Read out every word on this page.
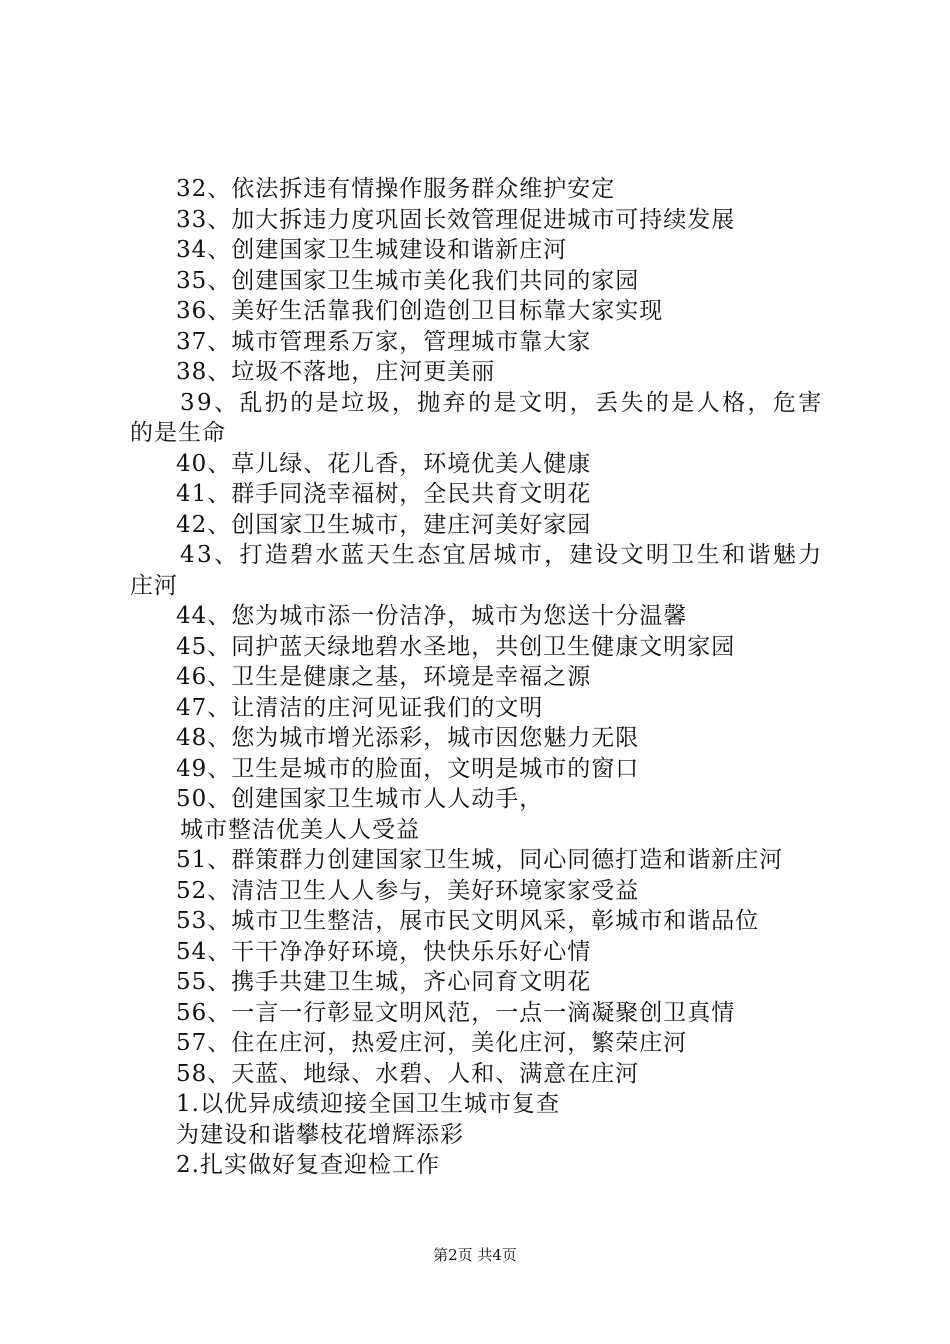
32、依法拆违有情操作服务群众维护安定
33、加大拆违力度巩固长效管理促进城市可持续发展
34、创建国家卫生城建设和谐新庄河
35、创建国家卫生城市美化我们共同的家园
36、美好生活靠我们创造创卫目标靠大家实现
37、城市管理系万家，管理城市靠大家
38、垃圾不落地，庄河更美丽
39、乱扔的是垃圾，抛弃的是文明，丢失的是人格，危害
的是生命
40、草儿绿、花儿香，环境优美人健康
41、群手同浇幸福树，全民共育文明花
42、创国家卫生城市，建庄河美好家园
43、打造碧水蓝天生态宜居城市，建设文明卫生和谐魅力
庄河
44、您为城市添一份洁净，城市为您送十分温馨
45、同护蓝天绿地碧水圣地，共创卫生健康文明家园
46、卫生是健康之基，环境是幸福之源
47、让清洁的庄河见证我们的文明
48、您为城市增光添彩，城市因您魅力无限
49、卫生是城市的脸面，文明是城市的窗口
50、创建国家卫生城市人人动手，
城市整洁优美人人受益
51、群策群力创建国家卫生城，同心同德打造和谐新庄河
52、清洁卫生人人参与，美好环境家家受益
53、城市卫生整洁，展市民文明风采，彰城市和谐品位
54、干干净净好环境，快快乐乐好心情
55、携手共建卫生城，齐心同育文明花
56、一言一行彰显文明风范，一点一滴凝聚创卫真情
57、住在庄河，热爱庄河，美化庄河，繁荣庄河
58、天蓝、地绿、水碧、人和、满意在庄河
1.以优异成绩迎接全国卫生城市复查
为建设和谐攀枝花增辉添彩
2.扎实做好复查迎检工作
第2页 共4页
